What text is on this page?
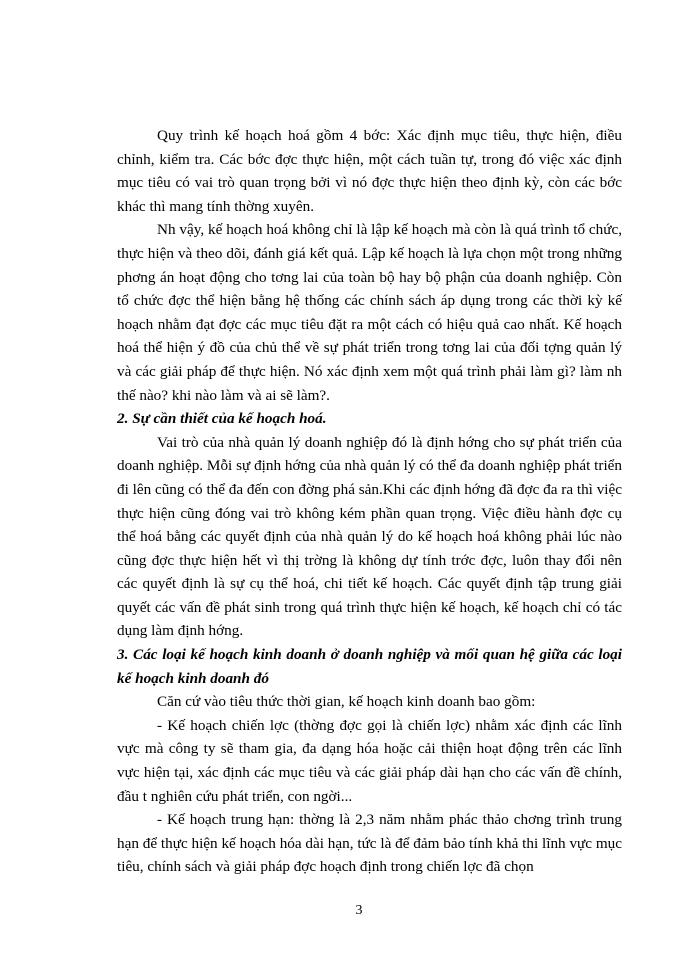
Quy trình kế hoạch hoá gồm 4 bớc: Xác định mục tiêu, thực hiện, điều chỉnh, kiểm tra. Các bớc đợc thực hiện, một cách tuần tự, trong đó việc xác định mục tiêu có vai trò quan trọng bởi vì nó đợc thực hiện theo định kỳ, còn các bớc khác thì mang tính thờng xuyên.

Nh vậy, kế hoạch hoá không chỉ là lập kế hoạch mà còn là quá trình tổ chức, thực hiện và theo dõi, đánh giá kết quả. Lập kế hoạch là lựa chọn một trong những phơng án hoạt động cho tơng lai của toàn bộ hay bộ phận của doanh nghiệp. Còn tổ chức đợc thể hiện bằng hệ thống các chính sách áp dụng trong các thời kỳ kế hoạch nhằm đạt đợc các mục tiêu đặt ra một cách có hiệu quả cao nhất. Kế hoạch hoá thể hiện ý đồ của chủ thể về sự phát triển trong tơng lai của đối tợng quản lý và các giải pháp để thực hiện. Nó xác định xem một quá trình phải làm gì? làm nh thế nào? khi nào làm và ai sẽ làm?.

2. Sự cần thiết của kế hoạch hoá.

Vai trò của nhà quản lý doanh nghiệp đó là định hớng cho sự phát triển của doanh nghiệp. Mỗi sự định hớng của nhà quản lý có thể đa doanh nghiệp phát triển đi lên cũng có thể đa đến con đờng phá sản.Khi các định hớng đã đợc đa ra thì việc thực hiện cũng đóng vai trò không kém phần quan trọng. Việc điều hành đợc cụ thể hoá bằng các quyết định của nhà quản lý do kế hoạch hoá không phải lúc nào cũng đợc thực hiện hết vì thị trờng là không dự tính trớc đợc, luôn thay đổi nên các quyết định là sự cụ thể hoá, chi tiết kế hoạch. Các quyết định tập trung giải quyết các vấn đề phát sinh trong quá trình thực hiện kế hoạch, kế hoạch chỉ có tác dụng làm định hớng.

3. Các loại kế hoạch kinh doanh ở doanh nghiệp và mối quan hệ giữa các loại kế hoạch kinh doanh đó

Căn cứ vào tiêu thức thời gian, kế hoạch kinh doanh bao gồm:

- Kế hoạch chiến lợc (thờng đợc gọi là chiến lợc) nhằm xác định các lĩnh vực mà công ty sẽ tham gia, đa dạng hóa hoặc cải thiện hoạt động trên các lĩnh vực hiện tại, xác định các mục tiêu và các giải pháp dài hạn cho các vấn đề chính, đầu t nghiên cứu phát triển, con ngời...

- Kế hoạch trung hạn: thờng là 2,3 năm nhằm phác thảo chơng trình trung hạn để thực hiện kế hoạch hóa dài hạn, tức là để đảm bảo tính khả thi lĩnh vực mục tiêu, chính sách và giải pháp đợc hoạch định trong chiến lợc đã chọn

3
